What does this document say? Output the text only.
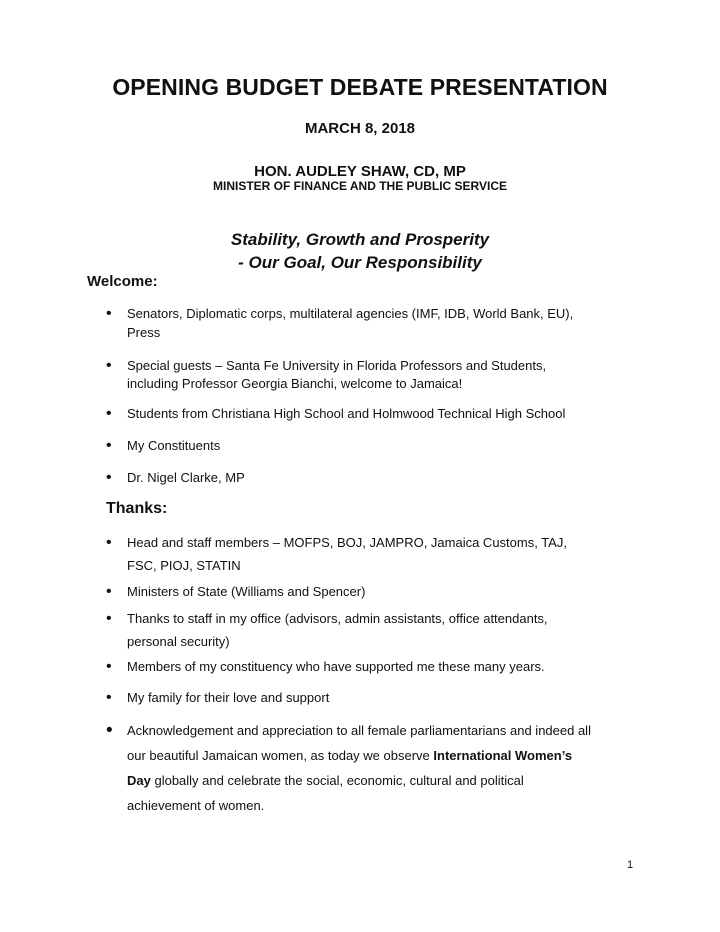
OPENING BUDGET DEBATE PRESENTATION
MARCH 8, 2018
HON. AUDLEY SHAW, CD, MP
MINISTER OF FINANCE AND THE PUBLIC SERVICE
Stability, Growth and Prosperity
- Our Goal, Our Responsibility
Welcome:
• Senators, Diplomatic corps, multilateral agencies (IMF, IDB, World Bank, EU),
Press
• Special guests – Santa Fe University in Florida Professors and Students,
including Professor Georgia Bianchi, welcome to Jamaica!
• Students from Christiana High School and Holmwood Technical High School
• My Constituents
• Dr. Nigel Clarke, MP
Thanks:
• Head and staff members – MOFPS, BOJ, JAMPRO, Jamaica Customs, TAJ,
FSC, PIOJ, STATIN
• Ministers of State (Williams and Spencer)
• Thanks to staff in my office (advisors, admin assistants, office attendants,
personal security)
• Members of my constituency who have supported me these many years.
• My family for their love and support
• Acknowledgement and appreciation to all female parliamentarians and indeed all
our beautiful Jamaican women, as today we observe International Women’s
Day globally and celebrate the social, economic, cultural and political
achievement of women.
1
